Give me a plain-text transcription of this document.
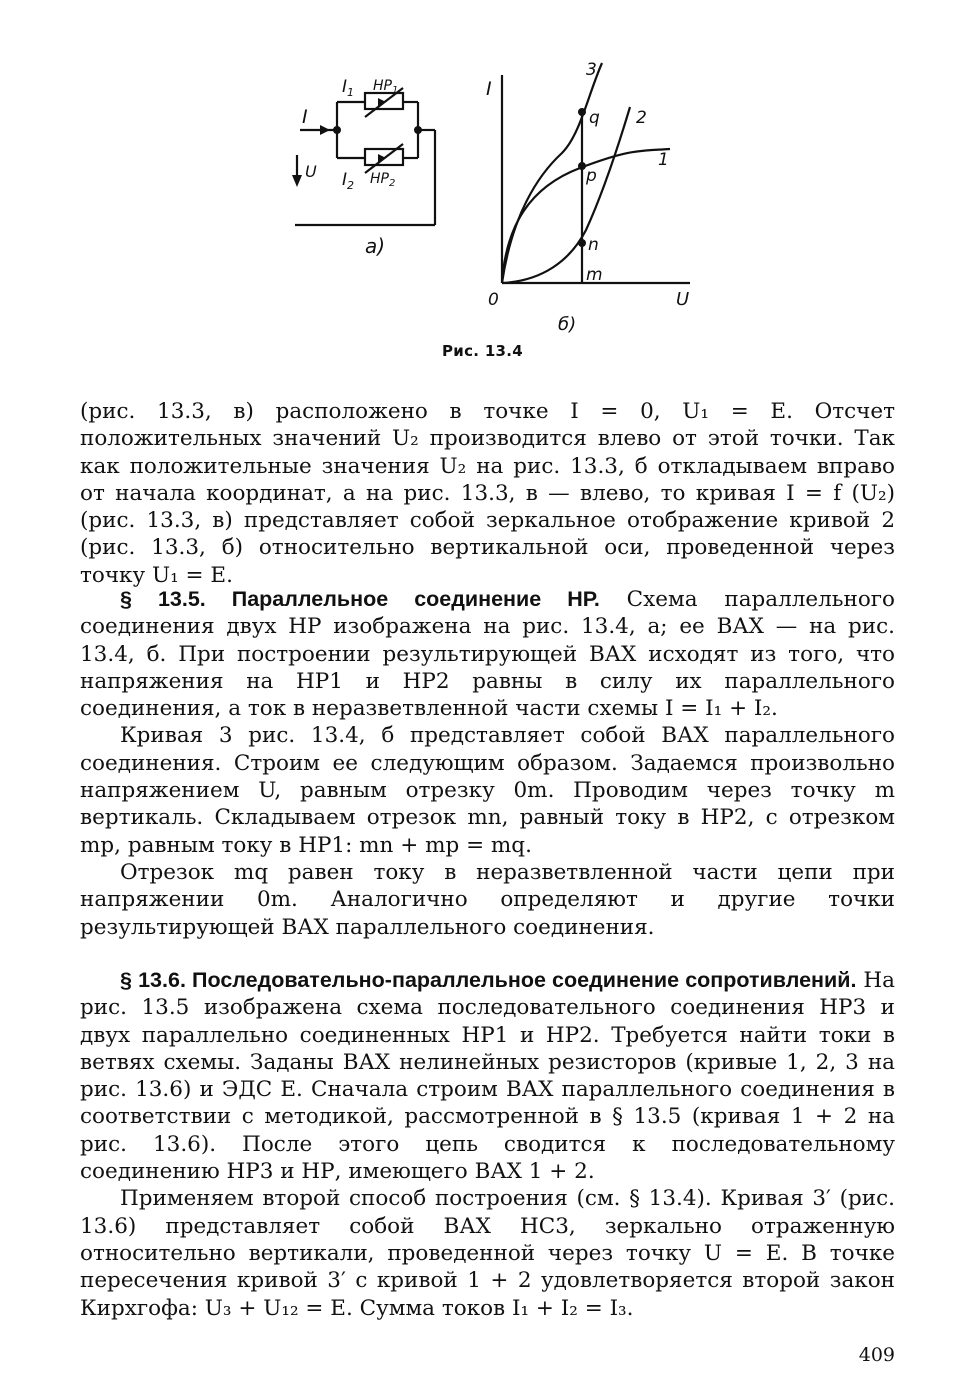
I
U
$I_1$ $НР_1$
$I_2$ $НР_2$
а)
I
U
0
3
2
1
q
p
n
m
б)
Рис. 13.4

(рис. 13.3, в) расположено в точке I = 0, U₁ = E. Отсчет положительных значений U₂ производится влево от этой точки. Так как положительные значения U₂ на рис. 13.3, б откладываем вправо от начала координат, а на рис. 13.3, в — влево, то кривая I = f (U₂) (рис. 13.3, в) представляет собой зеркальное отображение кривой 2 (рис. 13.3, б) относительно вертикальной оси, проведенной через точку U₁ = E.

§ 13.5. Параллельное соединение НР. Схема параллельного соединения двух НР изображена на рис. 13.4, а; ее ВАХ — на рис. 13.4, б. При построении результирующей ВАХ исходят из того, что напряжения на НР1 и НР2 равны в силу их параллельного соединения, а ток в неразветвленной части схемы I = I₁ + I₂.

Кривая 3 рис. 13.4, б представляет собой ВАХ параллельного соединения. Строим ее следующим образом. Задаемся произвольно напряжением U, равным отрезку 0m. Проводим через точку m вертикаль. Складываем отрезок mn, равный току в НР2, с отрезком mp, равным току в НР1: mn + mp = mq.

Отрезок mq равен току в неразветвленной части цепи при напряжении 0m. Аналогично определяют и другие точки результирующей ВАХ параллельного соединения.

§ 13.6. Последовательно-параллельное соединение сопротивлений. На рис. 13.5 изображена схема последовательного соединения НР3 и двух параллельно соединенных НР1 и НР2. Требуется найти токи в ветвях схемы. Заданы ВАХ нелинейных резисторов (кривые 1, 2, 3 на рис. 13.6) и ЭДС E. Сначала строим ВАХ параллельного соединения в соответствии с методикой, рассмотренной в § 13.5 (кривая 1 + 2 на рис. 13.6). После этого цепь сводится к последовательному соединению НР3 и НР, имеющего ВАХ 1 + 2.

Применяем второй способ построения (см. § 13.4). Кривая 3′ (рис. 13.6) представляет собой ВАХ НС3, зеркально отраженную относительно вертикали, проведенной через точку U = E. В точке пересечения кривой 3′ с кривой 1 + 2 удовлетворяется второй закон Кирхгофа: U₃ + U₁₂ = E. Сумма токов I₁ + I₂ = I₃.

409
